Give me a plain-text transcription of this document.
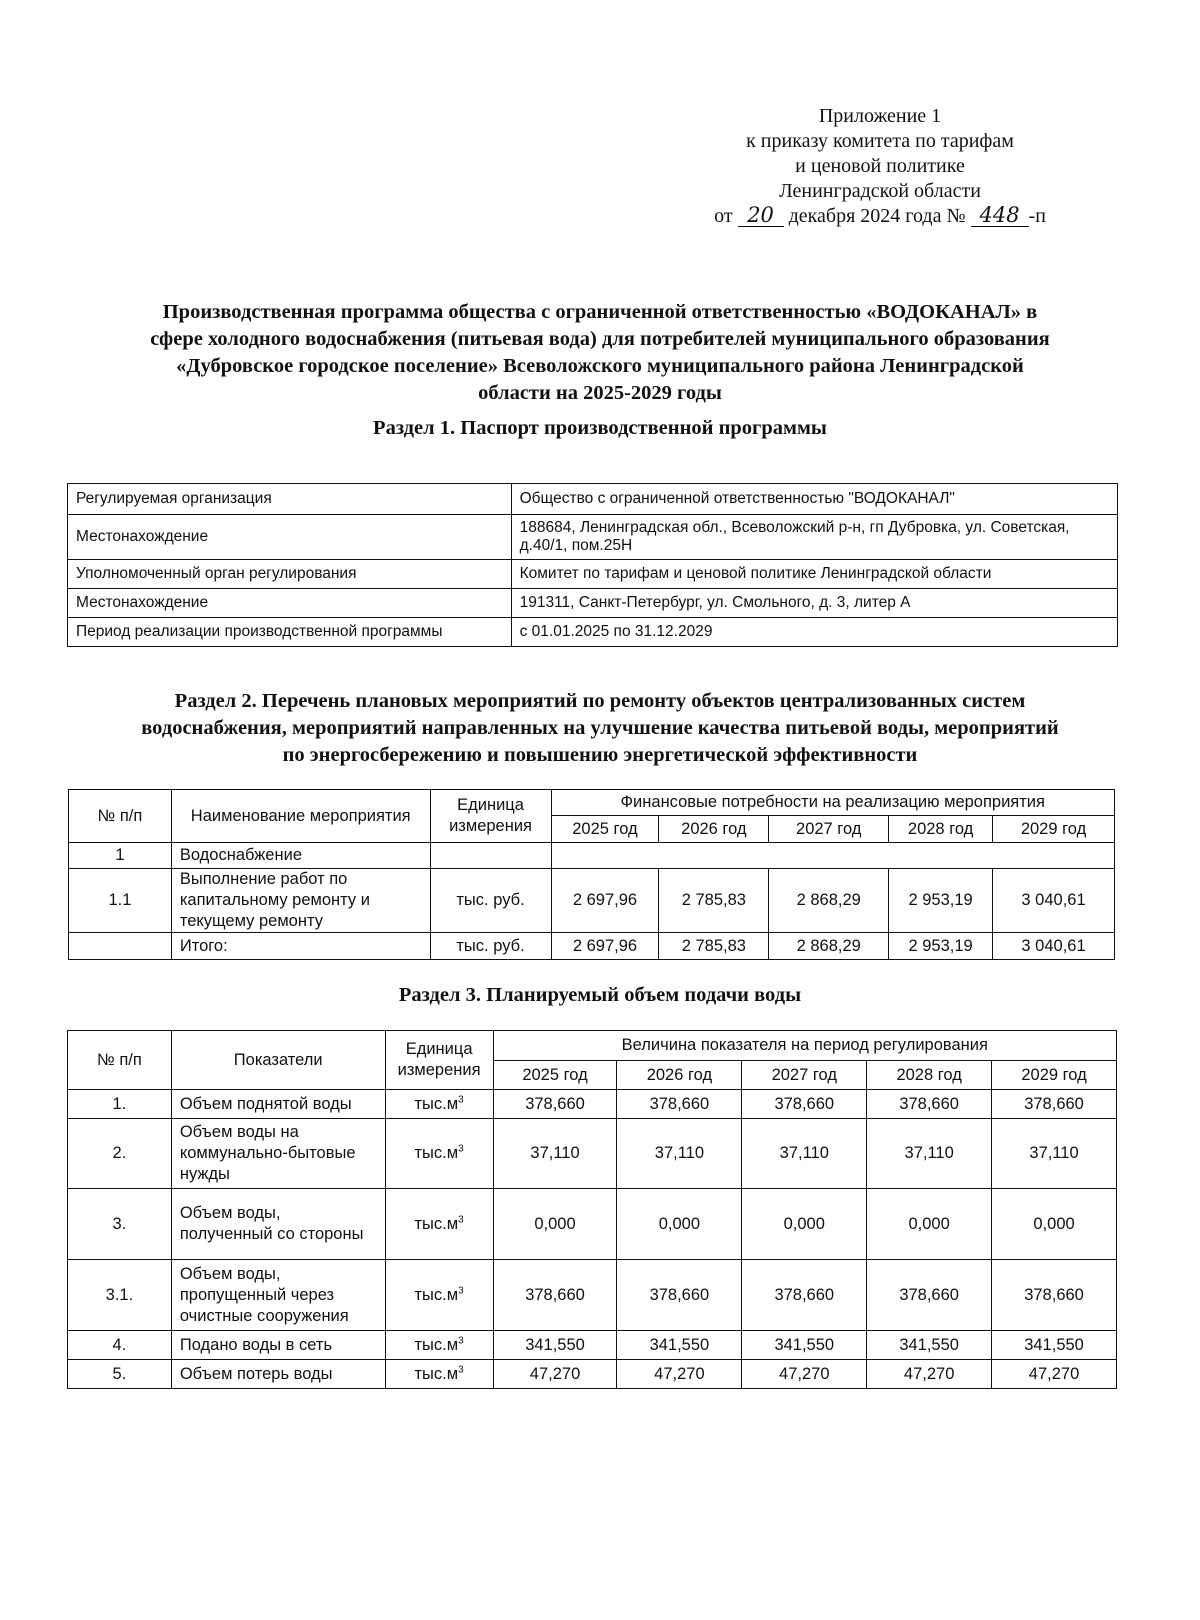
Приложение 1
к приказу комитета по тарифам
и ценовой политике
Ленинградской области
от 20 декабря 2024 года № 448 -п
Производственная программа общества с ограниченной ответственностью «ВОДОКАНАЛ» в
сфере холодного водоснабжения (питьевая вода) для потребителей муниципального образования
«Дубровское городское поселение» Всеволожского муниципального района Ленинградской
области на 2025-2029 годы
Раздел 1. Паспорт производственной программы
Регулируемая организация	Общество с ограниченной ответственностью "ВОДОКАНАЛ"
Местонахождение	188684, Ленинградская обл., Всеволожский р-н, гп Дубровка, ул. Советская, д.40/1, пом.25Н
Уполномоченный орган регулирования	Комитет по тарифам и ценовой политике Ленинградской области
Местонахождение	191311, Санкт-Петербург, ул. Смольного, д. 3, литер А
Период реализации производственной программы	с 01.01.2025 по 31.12.2029
Раздел 2. Перечень плановых мероприятий по ремонту объектов централизованных систем
водоснабжения, мероприятий направленных на улучшение качества питьевой воды, мероприятий
по энергосбережению и повышению энергетической эффективности
№ п/п	Наименование мероприятия	Единица измерения	Финансовые потребности на реализацию мероприятия				
			2025 год	2026 год	2027 год	2028 год	2029 год
1	Водоснабжение						
1.1	Выполнение работ по капитальному ремонту и текущему ремонту	тыс. руб.	2 697,96	2 785,83	2 868,29	2 953,19	3 040,61
	Итого:	тыс. руб.	2 697,96	2 785,83	2 868,29	2 953,19	3 040,61
Раздел 3. Планируемый объем подачи воды
№ п/п	Показатели	Единица измерения	Величина показателя на период регулирования				
			2025 год	2026 год	2027 год	2028 год	2029 год
1.	Объем поднятой воды	$тыс.м^3$	378,660	378,660	378,660	378,660	378,660
2.	Объем воды на коммунально-бытовые нужды	$тыс.м^3$	37,110	37,110	37,110	37,110	37,110
3.	Объем воды, полученный со стороны	$тыс.м^3$	0,000	0,000	0,000	0,000	0,000
3.1.	Объем воды, пропущенный через очистные сооружения	$тыс.м^3$	378,660	378,660	378,660	378,660	378,660
4.	Подано воды в сеть	$тыс.м^3$	341,550	341,550	341,550	341,550	341,550
5.	Объем потерь воды	$тыс.м^3$	47,270	47,270	47,270	47,270	47,270
